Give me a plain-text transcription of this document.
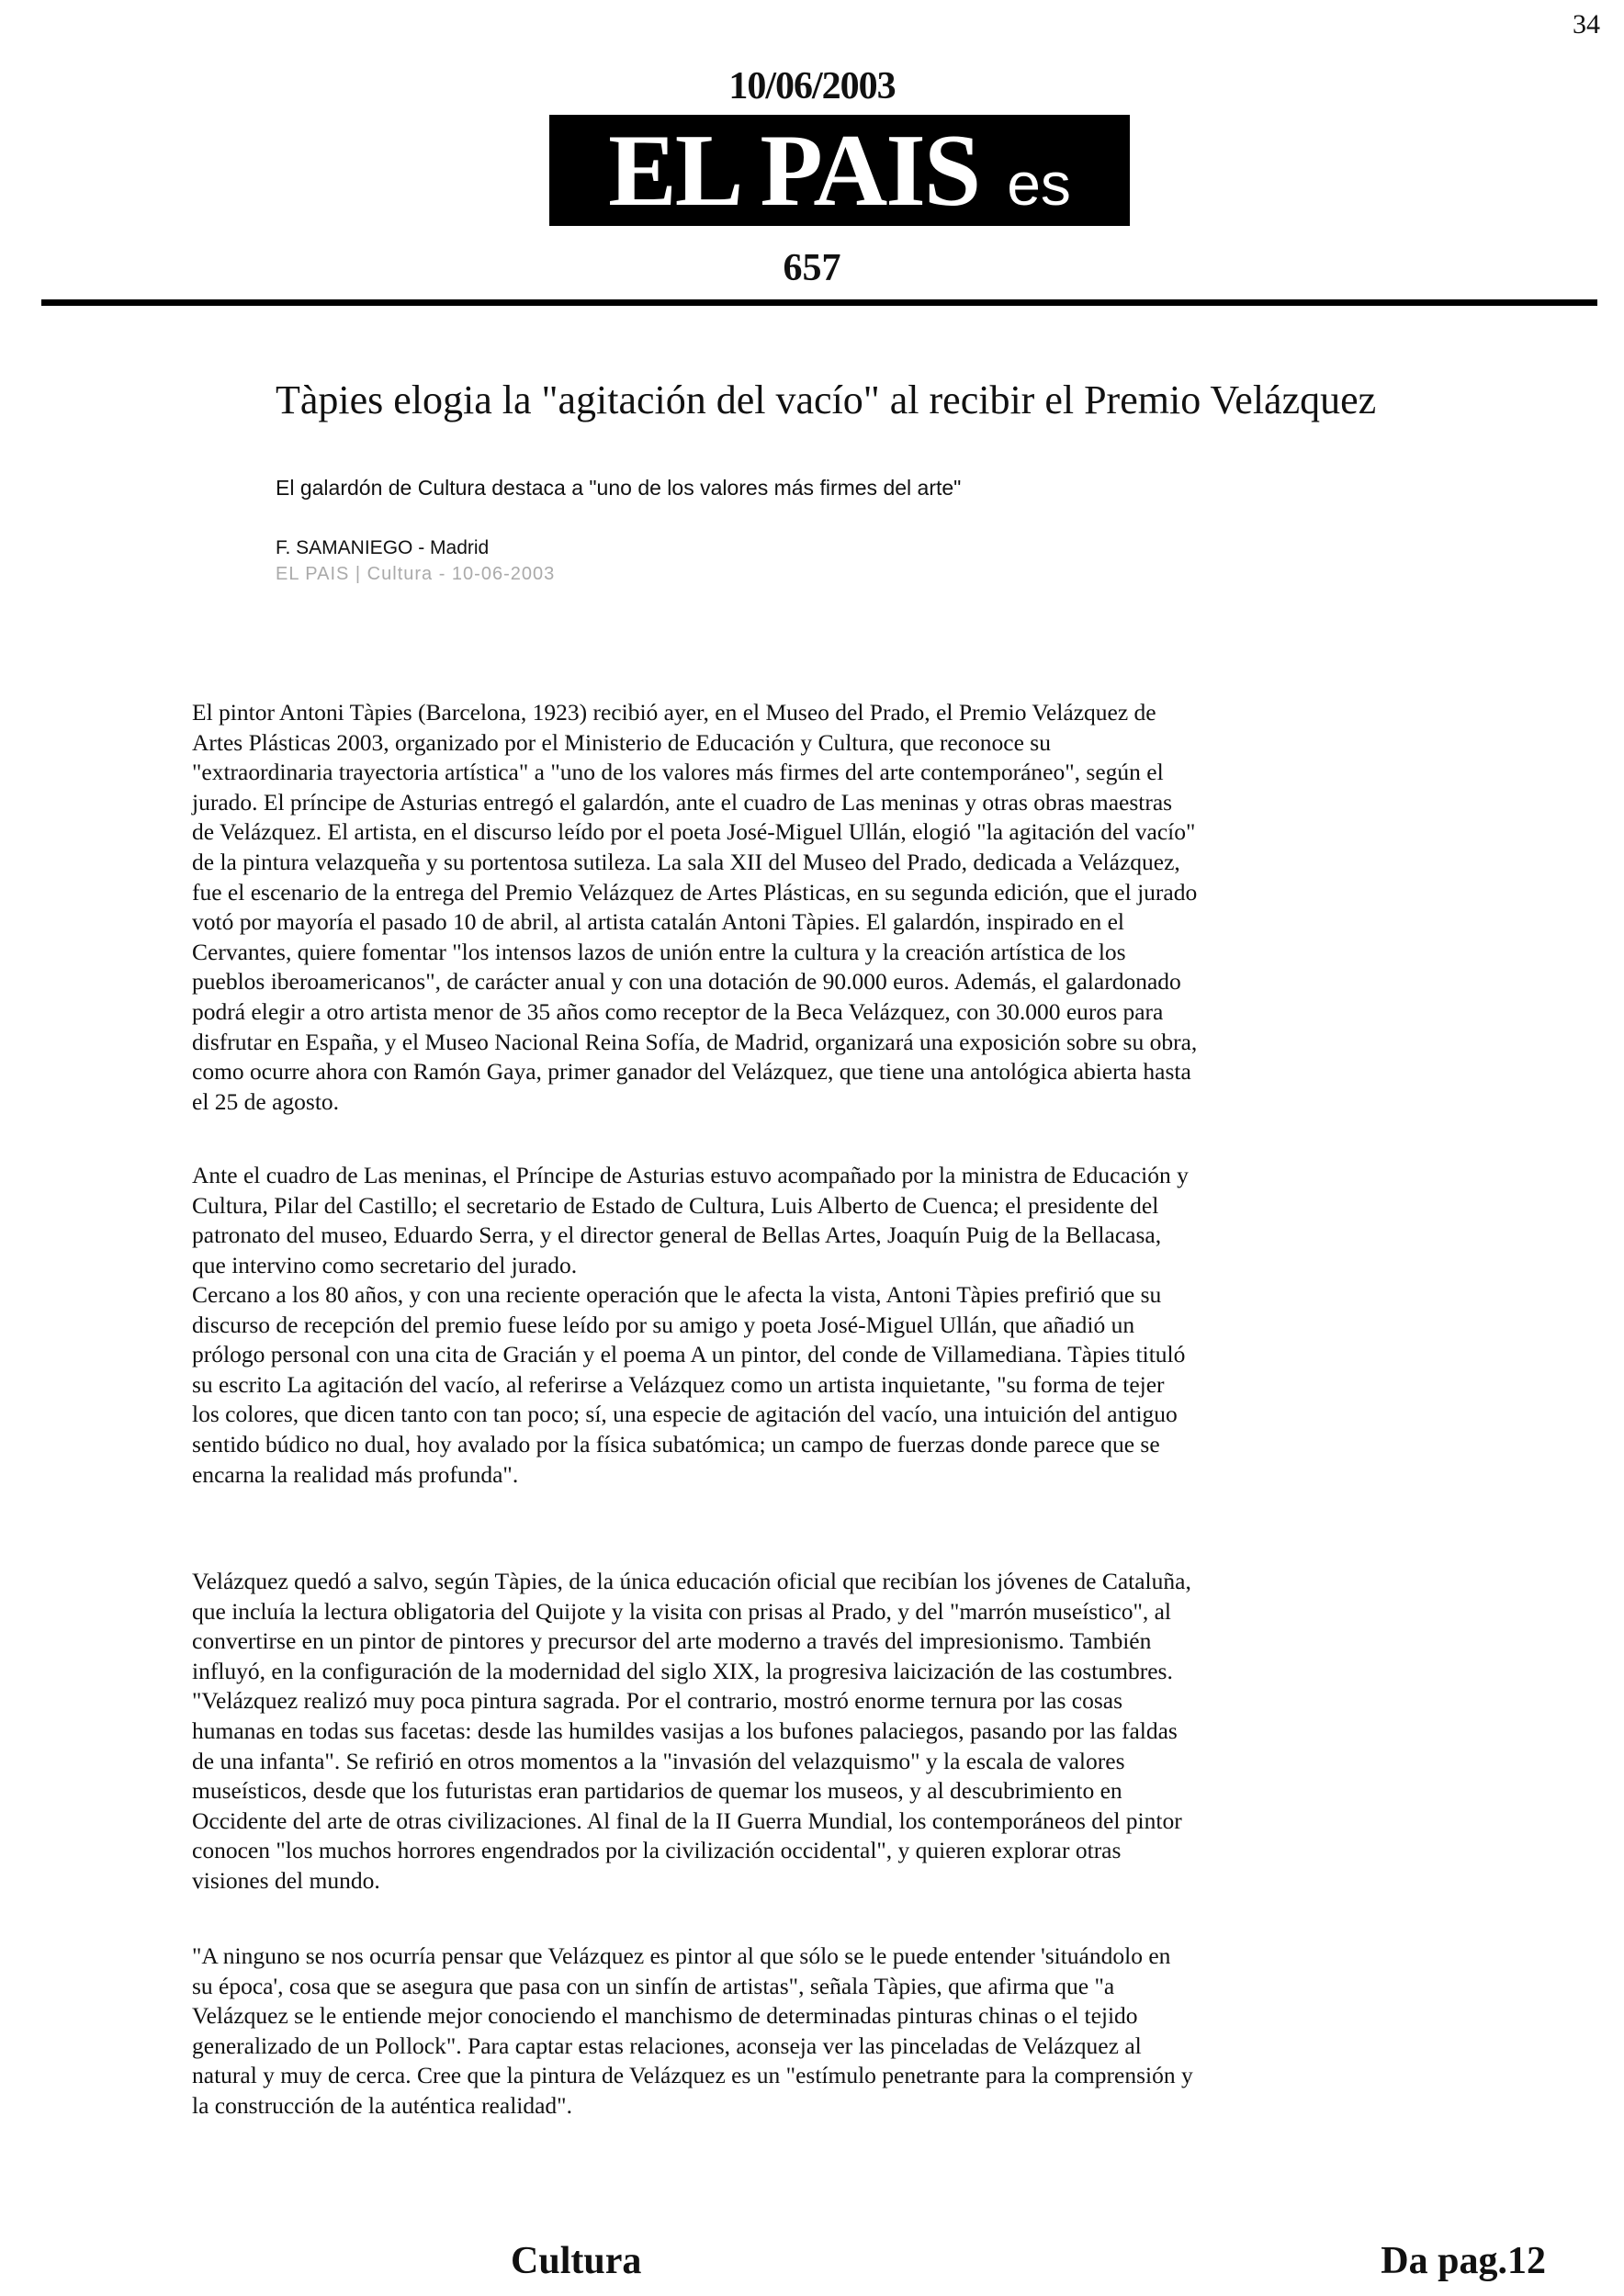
34
10/06/2003
EL PAIS es
657
Tàpies elogia la "agitación del vacío" al recibir el Premio Velázquez
El galardón de Cultura destaca a "uno de los valores más firmes del arte"
F. SAMANIEGO - Madrid
EL PAIS | Cultura - 10-06-2003
El pintor Antoni Tàpies (Barcelona, 1923) recibió ayer, en el Museo del Prado, el Premio Velázquez de
Artes Plásticas 2003, organizado por el Ministerio de Educación y Cultura, que reconoce su
"extraordinaria trayectoria artística" a "uno de los valores más firmes del arte contemporáneo", según el
jurado. El príncipe de Asturias entregó el galardón, ante el cuadro de Las meninas y otras obras maestras
de Velázquez. El artista, en el discurso leído por el poeta José-Miguel Ullán, elogió "la agitación del vacío"
de la pintura velazqueña y su portentosa sutileza. La sala XII del Museo del Prado, dedicada a Velázquez,
fue el escenario de la entrega del Premio Velázquez de Artes Plásticas, en su segunda edición, que el jurado
votó por mayoría el pasado 10 de abril, al artista catalán Antoni Tàpies. El galardón, inspirado en el
Cervantes, quiere fomentar "los intensos lazos de unión entre la cultura y la creación artística de los
pueblos iberoamericanos", de carácter anual y con una dotación de 90.000 euros. Además, el galardonado
podrá elegir a otro artista menor de 35 años como receptor de la Beca Velázquez, con 30.000 euros para
disfrutar en España, y el Museo Nacional Reina Sofía, de Madrid, organizará una exposición sobre su obra,
como ocurre ahora con Ramón Gaya, primer ganador del Velázquez, que tiene una antológica abierta hasta
el 25 de agosto.
Ante el cuadro de Las meninas, el Príncipe de Asturias estuvo acompañado por la ministra de Educación y
Cultura, Pilar del Castillo; el secretario de Estado de Cultura, Luis Alberto de Cuenca; el presidente del
patronato del museo, Eduardo Serra, y el director general de Bellas Artes, Joaquín Puig de la Bellacasa,
que intervino como secretario del jurado.
Cercano a los 80 años, y con una reciente operación que le afecta la vista, Antoni Tàpies prefirió que su
discurso de recepción del premio fuese leído por su amigo y poeta José-Miguel Ullán, que añadió un
prólogo personal con una cita de Gracián y el poema A un pintor, del conde de Villamediana. Tàpies tituló
su escrito La agitación del vacío, al referirse a Velázquez como un artista inquietante, "su forma de tejer
los colores, que dicen tanto con tan poco; sí, una especie de agitación del vacío, una intuición del antiguo
sentido búdico no dual, hoy avalado por la física subatómica; un campo de fuerzas donde parece que se
encarna la realidad más profunda".
Velázquez quedó a salvo, según Tàpies, de la única educación oficial que recibían los jóvenes de Cataluña,
que incluía la lectura obligatoria del Quijote y la visita con prisas al Prado, y del "marrón museístico", al
convertirse en un pintor de pintores y precursor del arte moderno a través del impresionismo. También
influyó, en la configuración de la modernidad del siglo XIX, la progresiva laicización de las costumbres.
"Velázquez realizó muy poca pintura sagrada. Por el contrario, mostró enorme ternura por las cosas
humanas en todas sus facetas: desde las humildes vasijas a los bufones palaciegos, pasando por las faldas
de una infanta". Se refirió en otros momentos a la "invasión del velazquismo" y la escala de valores
museísticos, desde que los futuristas eran partidarios de quemar los museos, y al descubrimiento en
Occidente del arte de otras civilizaciones. Al final de la II Guerra Mundial, los contemporáneos del pintor
conocen "los muchos horrores engendrados por la civilización occidental", y quieren explorar otras
visiones del mundo.
"A ninguno se nos ocurría pensar que Velázquez es pintor al que sólo se le puede entender 'situándolo en
su época', cosa que se asegura que pasa con un sinfín de artistas", señala Tàpies, que afirma que "a
Velázquez se le entiende mejor conociendo el manchismo de determinadas pinturas chinas o el tejido
generalizado de un Pollock". Para captar estas relaciones, aconseja ver las pinceladas de Velázquez al
natural y muy de cerca. Cree que la pintura de Velázquez es un "estímulo penetrante para la comprensión y
la construcción de la auténtica realidad".
Cultura	Da pag.12
